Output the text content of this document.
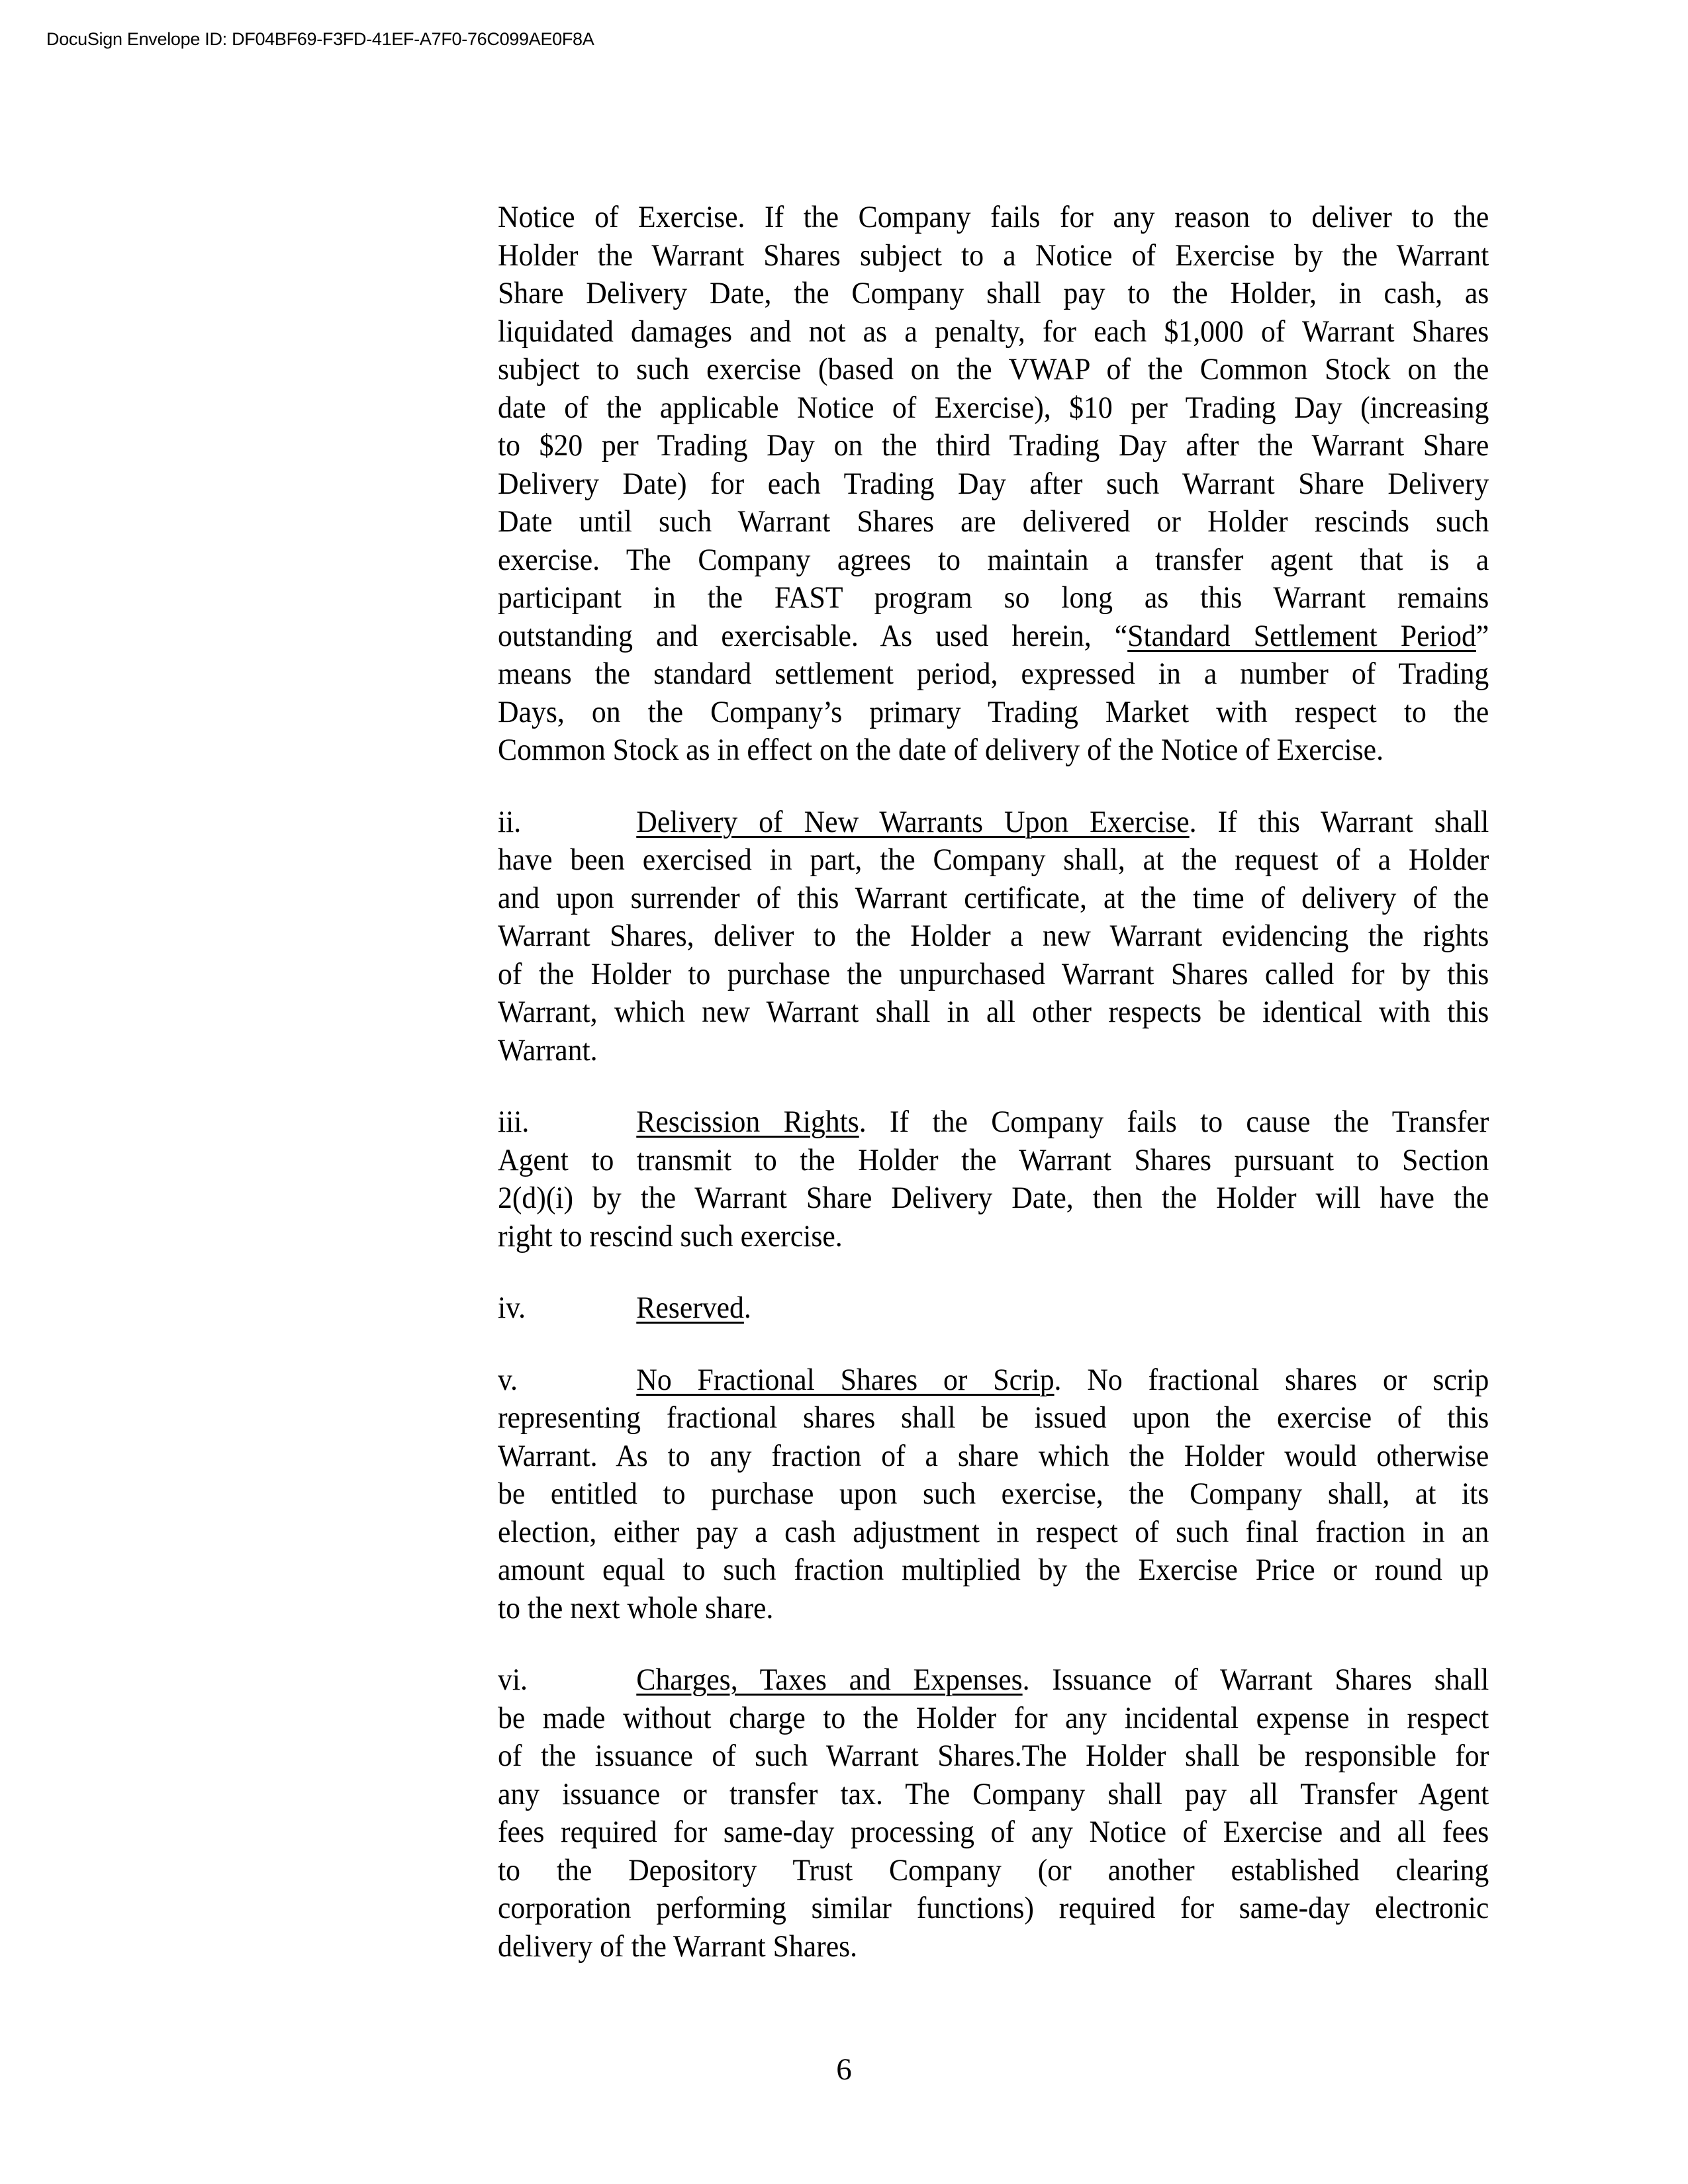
DocuSign Envelope ID: DF04BF69-F3FD-41EF-A7F0-76C099AE0F8A
Notice of Exercise. If the Company fails for any reason to deliver to the
Holder the Warrant Shares subject to a Notice of Exercise by the Warrant
Share Delivery Date, the Company shall pay to the Holder, in cash, as
liquidated damages and not as a penalty, for each $1,000 of Warrant Shares
subject to such exercise (based on the VWAP of the Common Stock on the
date of the applicable Notice of Exercise), $10 per Trading Day (increasing
to $20 per Trading Day on the third Trading Day after the Warrant Share
Delivery Date) for each Trading Day after such Warrant Share Delivery
Date until such Warrant Shares are delivered or Holder rescinds such
exercise. The Company agrees to maintain a transfer agent that is a
participant in the FAST program so long as this Warrant remains
outstanding and exercisable. As used herein, “Standard Settlement Period”
means the standard settlement period, expressed in a number of Trading
Days, on the Company’s primary Trading Market with respect to the
Common Stock as in effect on the date of delivery of the Notice of Exercise.
ii.	Delivery of New Warrants Upon Exercise. If this Warrant shall
have been exercised in part, the Company shall, at the request of a Holder
and upon surrender of this Warrant certificate, at the time of delivery of the
Warrant Shares, deliver to the Holder a new Warrant evidencing the rights
of the Holder to purchase the unpurchased Warrant Shares called for by this
Warrant, which new Warrant shall in all other respects be identical with this
Warrant.
iii.	Rescission Rights. If the Company fails to cause the Transfer
Agent to transmit to the Holder the Warrant Shares pursuant to Section
2(d)(i) by the Warrant Share Delivery Date, then the Holder will have the
right to rescind such exercise.
iv.	Reserved.
v.	No Fractional Shares or Scrip. No fractional shares or scrip
representing fractional shares shall be issued upon the exercise of this
Warrant. As to any fraction of a share which the Holder would otherwise
be entitled to purchase upon such exercise, the Company shall, at its
election, either pay a cash adjustment in respect of such final fraction in an
amount equal to such fraction multiplied by the Exercise Price or round up
to the next whole share.
vi.	Charges, Taxes and Expenses. Issuance of Warrant Shares shall
be made without charge to the Holder for any incidental expense in respect
of the issuance of such Warrant Shares.The Holder shall be responsible for
any issuance or transfer tax. The Company shall pay all Transfer Agent
fees required for same-day processing of any Notice of Exercise and all fees
to the Depository Trust Company (or another established clearing
corporation performing similar functions) required for same-day electronic
delivery of the Warrant Shares.
6
